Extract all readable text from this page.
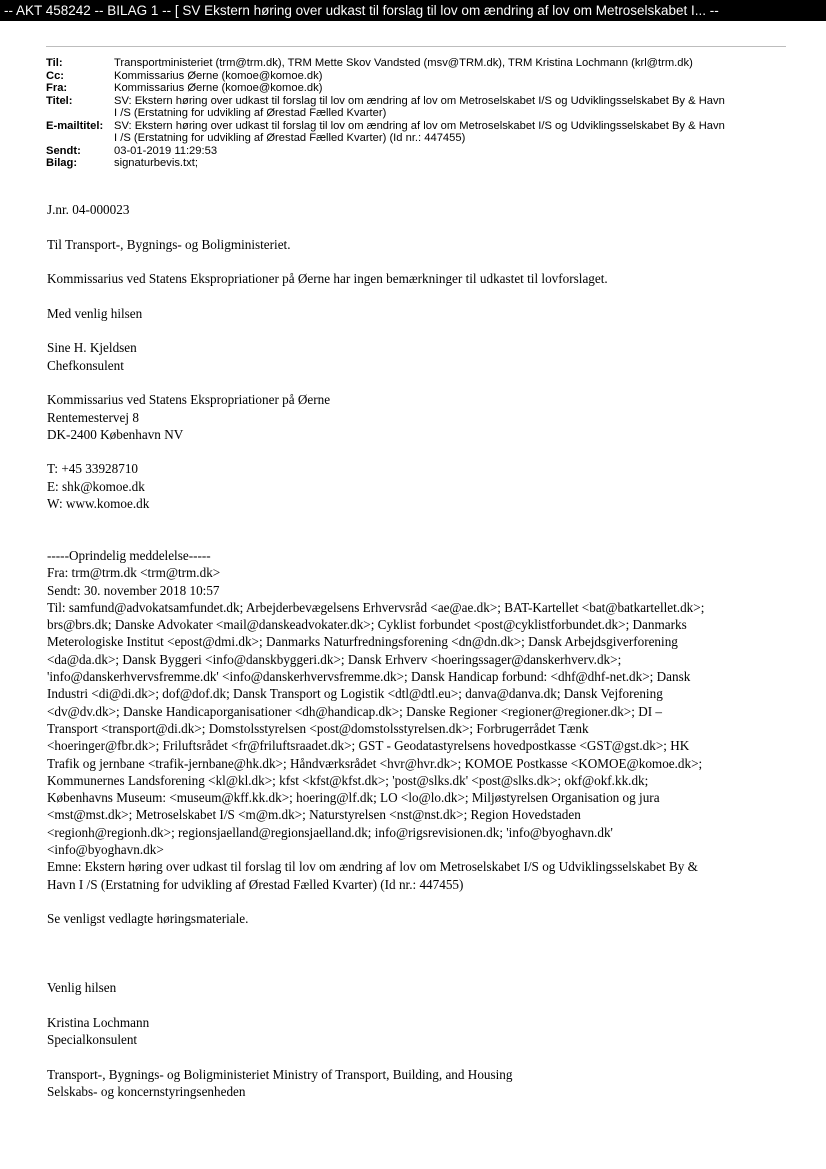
-- AKT 458242 -- BILAG 1 -- [ SV Ekstern høring over udkast til forslag til lov om ændring af lov om Metroselskabet I... --
Til:	Transportministeriet (trm@trm.dk), TRM Mette Skov Vandsted (msv@TRM.dk), TRM Kristina Lochmann (krl@trm.dk)
Cc:	Kommissarius Øerne (komoe@komoe.dk)
Fra:	Kommissarius Øerne (komoe@komoe.dk)
Titel:	SV: Ekstern høring over udkast til forslag til lov om ændring af lov om Metroselskabet I/S og Udviklingsselskabet By & Havn
I /S (Erstatning for udvikling af Ørestad Fælled Kvarter)
E-mailtitel: SV: Ekstern høring over udkast til forslag til lov om ændring af lov om Metroselskabet I/S og Udviklingsselskabet By & Havn
I /S (Erstatning for udvikling af Ørestad Fælled Kvarter) (Id nr.: 447455)
Sendt:	03-01-2019 11:29:53
Bilag:	signaturbevis.txt;

J.nr. 04-000023

Til Transport-, Bygnings- og Boligministeriet.

Kommissarius ved Statens Ekspropriationer på Øerne har ingen bemærkninger til udkastet til lovforslaget.

Med venlig hilsen

Sine H. Kjeldsen

Chefkonsulent

Kommissarius ved Statens Ekspropriationer på Øerne

Rentemestervej 8

DK-2400 København NV

T: +45 33928710

E: shk@komoe.dk

W: www.komoe.dk

-----Oprindelig meddelelse-----

Fra: trm@trm.dk <trm@trm.dk>

Sendt: 30. november 2018 10:57

Til: samfund@advokatsamfundet.dk; Arbejderbevægelsens Erhvervsråd <ae@ae.dk>; BAT-Kartellet <bat@batkartellet.dk>;

brs@brs.dk; Danske Advokater <mail@danskeadvokater.dk>; Cyklist forbundet <post@cyklistforbundet.dk>; Danmarks

Meterologiske Institut <epost@dmi.dk>; Danmarks Naturfredningsforening <dn@dn.dk>; Dansk Arbejdsgiverforening

<da@da.dk>; Dansk Byggeri <info@danskbyggeri.dk>; Dansk Erhverv <hoeringssager@danskerhverv.dk>;

'info@danskerhvervsfremme.dk' <info@danskerhvervsfremme.dk>; Dansk Handicap forbund: <dhf@dhf-net.dk>; Dansk

Industri <di@di.dk>; dof@dof.dk; Dansk Transport og Logistik <dtl@dtl.eu>; danva@danva.dk; Dansk Vejforening

<dv@dv.dk>; Danske Handicaporganisationer <dh@handicap.dk>; Danske Regioner <regioner@regioner.dk>; DI –

Transport <transport@di.dk>; Domstolsstyrelsen <post@domstolsstyrelsen.dk>; Forbrugerrådet Tænk

<hoeringer@fbr.dk>; Friluftsrådet <fr@friluftsraadet.dk>; GST - Geodatastyrelsens hovedpostkasse <GST@gst.dk>; HK

Trafik og jernbane <trafik-jernbane@hk.dk>; Håndværksrådet <hvr@hvr.dk>; KOMOE Postkasse <KOMOE@komoe.dk>;

Kommunernes Landsforening <kl@kl.dk>; kfst <kfst@kfst.dk>; 'post@slks.dk' <post@slks.dk>; okf@okf.kk.dk;

Københavns Museum: <museum@kff.kk.dk>; hoering@lf.dk; LO <lo@lo.dk>; Miljøstyrelsen Organisation og jura

<mst@mst.dk>; Metroselskabet I/S <m@m.dk>; Naturstyrelsen <nst@nst.dk>; Region Hovedstaden

<regionh@regionh.dk>; regionsjaelland@regionsjaelland.dk; info@rigsrevisionen.dk; 'info@byoghavn.dk'

<info@byoghavn.dk>

Emne: Ekstern høring over udkast til forslag til lov om ændring af lov om Metroselskabet I/S og Udviklingsselskabet By &

Havn I /S (Erstatning for udvikling af Ørestad Fælled Kvarter) (Id nr.: 447455)

Se venligst vedlagte høringsmateriale.

Venlig hilsen

Kristina Lochmann

Specialkonsulent

Transport-, Bygnings- og Boligministeriet Ministry of Transport, Building, and Housing

Selskabs- og koncernstyringsenheden
